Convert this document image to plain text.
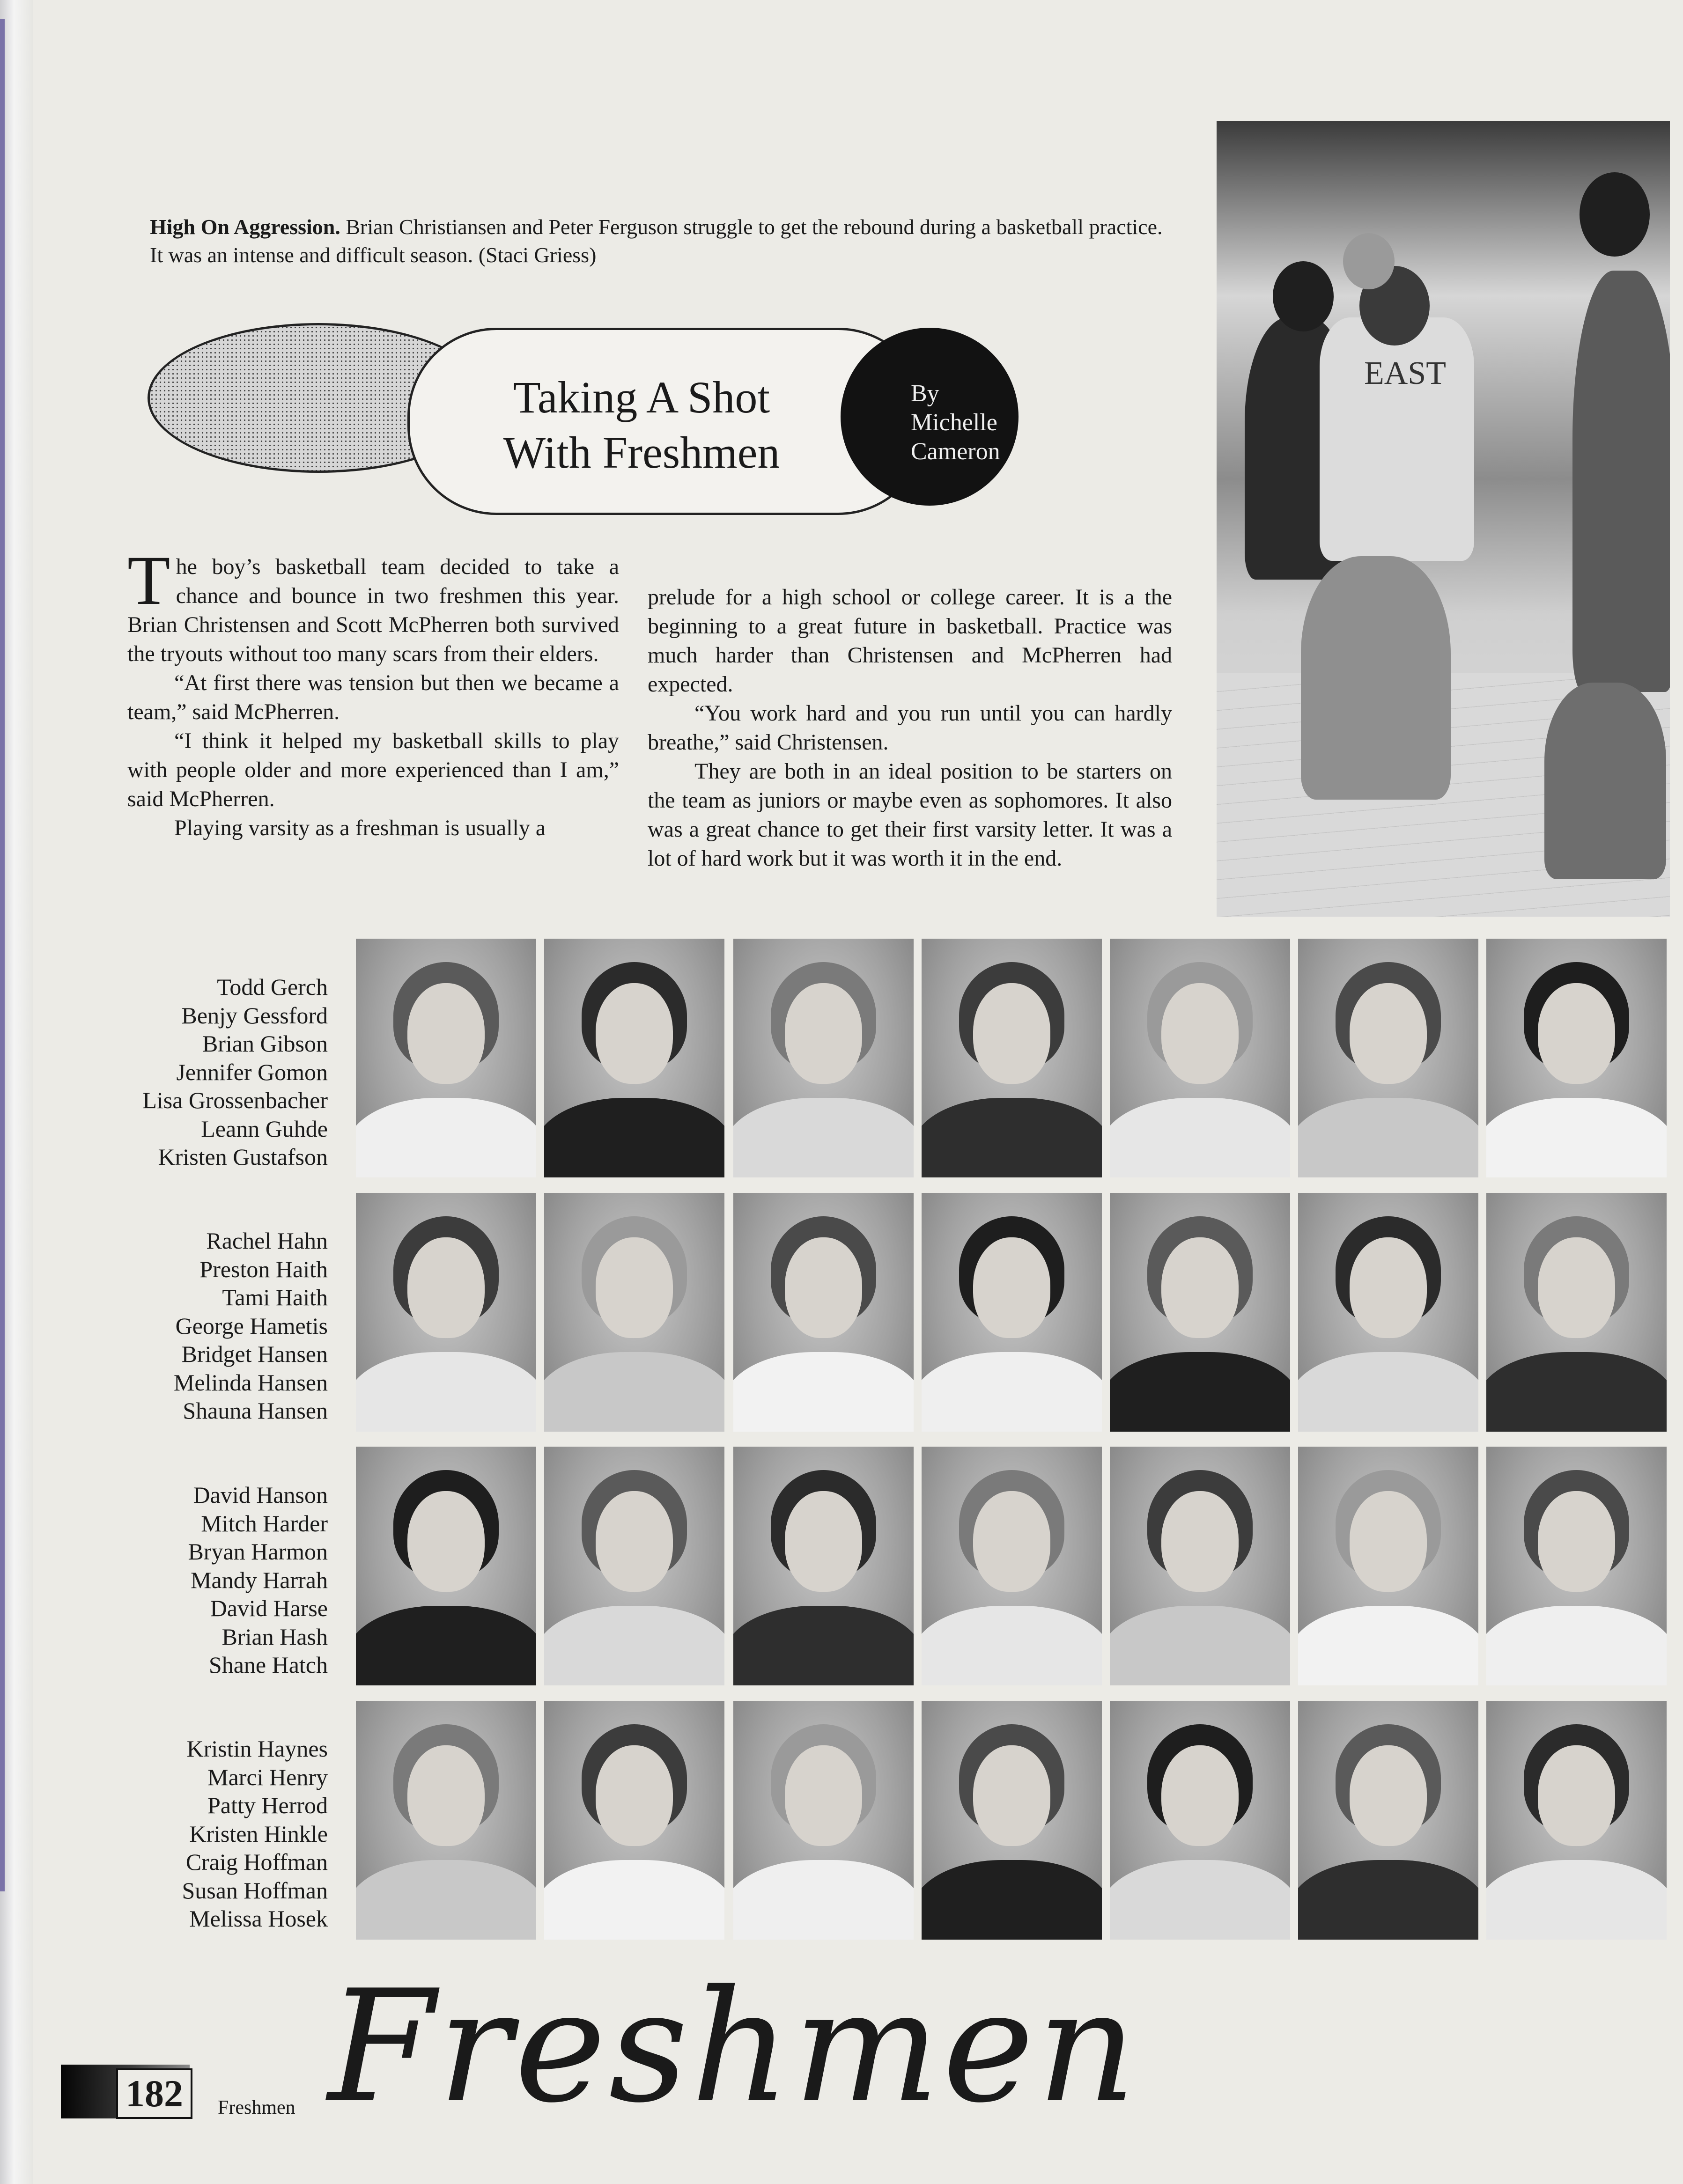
High On Aggression. Brian Christiansen and Peter Ferguson struggle to get the rebound during a basketball practice. It was an intense and difficult season. (Staci Griess)
Taking A Shot
With Freshmen
By
Michelle
Cameron
EAST

The boy’s basketball team decided to take a chance and bounce in two freshmen this year. Brian Christensen and Scott McPherren both survived the tryouts without too many scars from their elders.

“At first there was tension but then we became a team,” said McPherren.

“I think it helped my basketball skills to play with people older and more experienced than I am,” said McPherren.

Playing varsity as a freshman is usually a

prelude for a high school or college career. It is a the beginning to a great future in basketball. Practice was much harder than Christensen and McPherren had expected.

“You work hard and you run until you can hardly breathe,” said Christensen.

They are both in an ideal position to be starters on the team as juniors or maybe even as sophomores. It also was a great chance to get their first varsity letter. It was a lot of hard work but it was worth it in the end.

Todd Gerch
Benjy Gessford
Brian Gibson
Jennifer Gomon
Lisa Grossenbacher
Leann Guhde
Kristen Gustafson
Rachel Hahn
Preston Haith
Tami Haith
George Hametis
Bridget Hansen
Melinda Hansen
Shauna Hansen
David Hanson
Mitch Harder
Bryan Harmon
Mandy Harrah
David Harse
Brian Hash
Shane Hatch
Kristin Haynes
Marci Henry
Patty Herrod
Kristen Hinkle
Craig Hoffman
Susan Hoffman
Melissa Hosek
182	Freshmen Freshmen
